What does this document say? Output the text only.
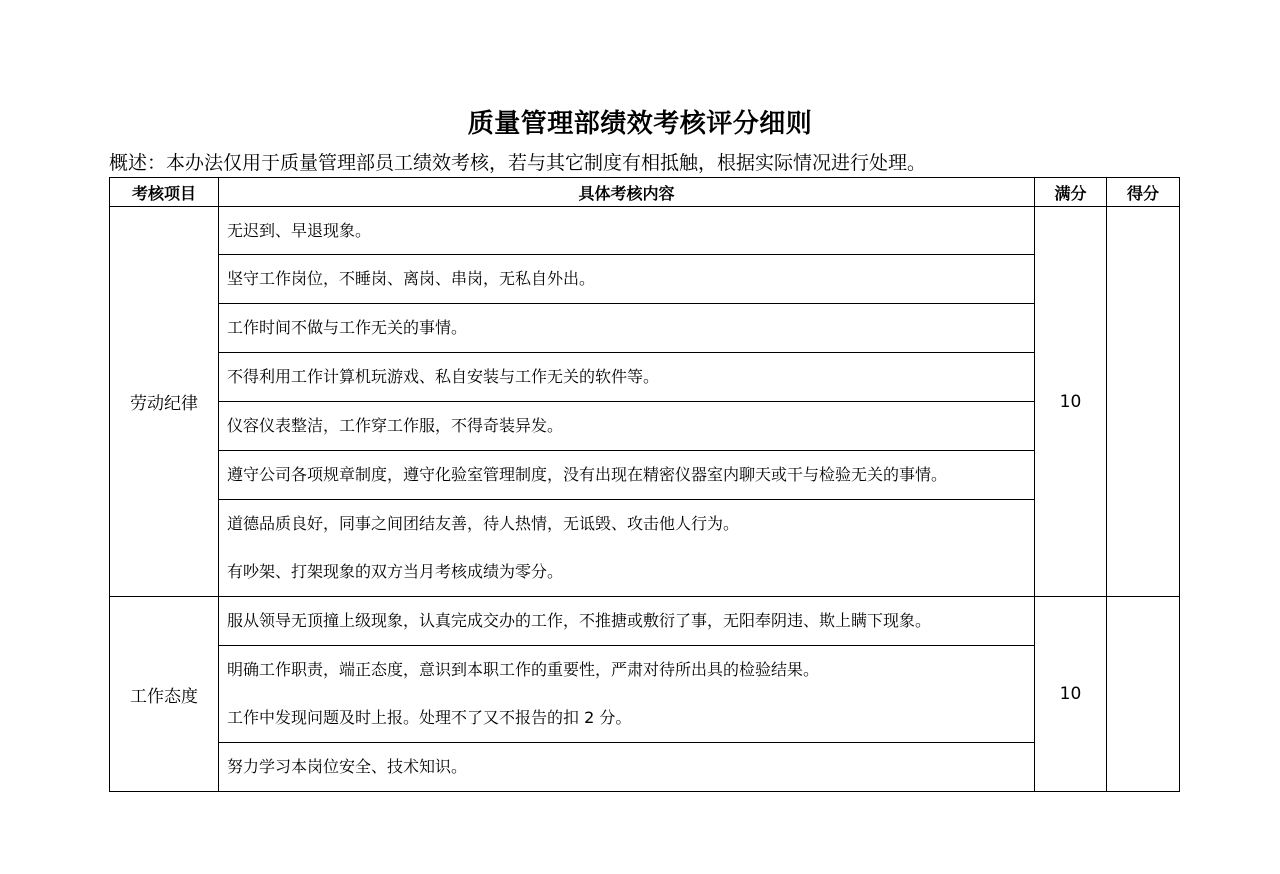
质量管理部绩效考核评分细则
概述：本办法仅用于质量管理部员工绩效考核，若与其它制度有相抵触，根据实际情况进行处理。
考核项目	具体考核内容	满分	得分
劳动纪律	无迟到、早退现象。	10	

	坚守工作岗位，不睡岗、离岗、串岗，无私自外出。		

	工作时间不做与工作无关的事情。		

	不得利用工作计算机玩游戏、私自安装与工作无关的软件等。		

	仪容仪表整洁，工作穿工作服，不得奇装异发。		

	遵守公司各项规章制度，遵守化验室管理制度，没有出现在精密仪器室内聊天或干与检验无关的事情。		

	道德品质良好，同事之间团结友善，待人热情，无诋毁、攻击他人行为。
有吵架、打架现象的双方当月考核成绩为零分。		

工作态度	服从领导无顶撞上级现象，认真完成交办的工作，不推搪或敷衍了事，无阳奉阴违、欺上瞒下现象。	10	

	明确工作职责，端正态度，意识到本职工作的重要性，严肃对待所出具的检验结果。
工作中发现问题及时上报。处理不了又不报告的扣 2 分。		

	努力学习本岗位安全、技术知识。		
